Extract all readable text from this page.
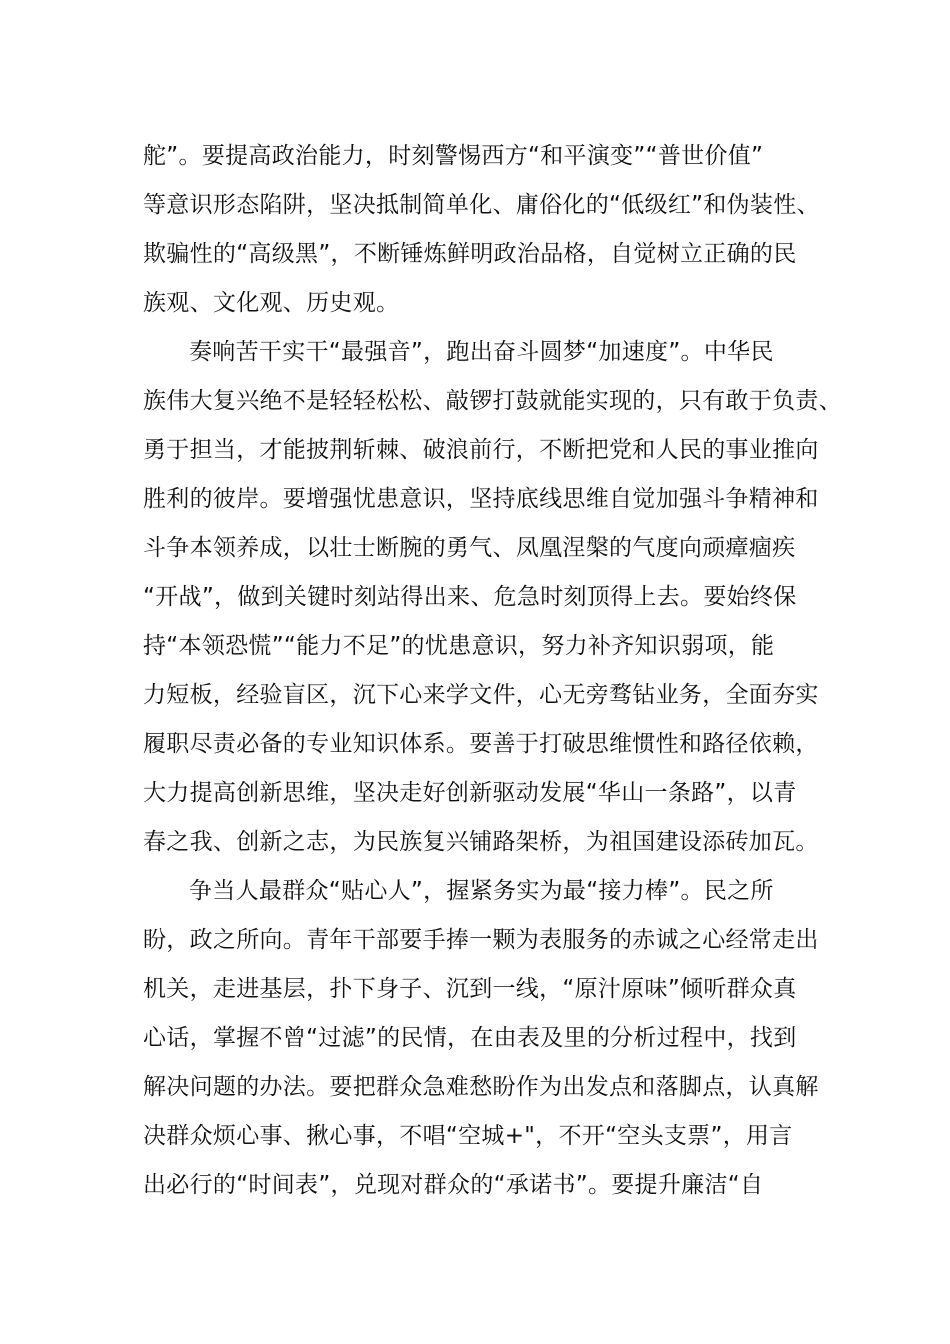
舵”。要提高政治能力，时刻警惕西方“和平演变”“普世价值”
等意识形态陷阱，坚决抵制简单化、庸俗化的“低级红”和伪装性、
欺骗性的“高级黑”，不断锤炼鲜明政治品格，自觉树立正确的民
族观、文化观、历史观。
奏响苦干实干“最强音”，跑出奋斗圆梦“加速度”。中华民
族伟大复兴绝不是轻轻松松、敲锣打鼓就能实现的，只有敢于负责、
勇于担当，才能披荆斩棘、破浪前行，不断把党和人民的事业推向
胜利的彼岸。要增强忧患意识，坚持底线思维自觉加强斗争精神和
斗争本领养成，以壮士断腕的勇气、凤凰涅槃的气度向顽瘴痼疾
“开战”，做到关键时刻站得出来、危急时刻顶得上去。要始终保
持“本领恐慌”“能力不足”的忧患意识，努力补齐知识弱项，能
力短板，经验盲区，沉下心来学文件，心无旁骛钻业务，全面夯实
履职尽责必备的专业知识体系。要善于打破思维惯性和路径依赖，
大力提高创新思维，坚决走好创新驱动发展“华山一条路”，以青
春之我、创新之志，为民族复兴铺路架桥，为祖国建设添砖加瓦。
争当人最群众“贴心人”，握紧务实为最“接力棒”。民之所
盼，政之所向。青年干部要手捧一颗为表服务的赤诚之心经常走出
机关，走进基层，扑下身子、沉到一线，“原汁原味”倾听群众真
心话，掌握不曾“过滤”的民情，在由表及里的分析过程中，找到
解决问题的办法。要把群众急难愁盼作为出发点和落脚点，认真解
决群众烦心事、揪心事，不唱“空城+"，不开“空头支票”，用言
出必行的“时间表”，兑现对群众的“承诺书”。要提升廉洁“自
